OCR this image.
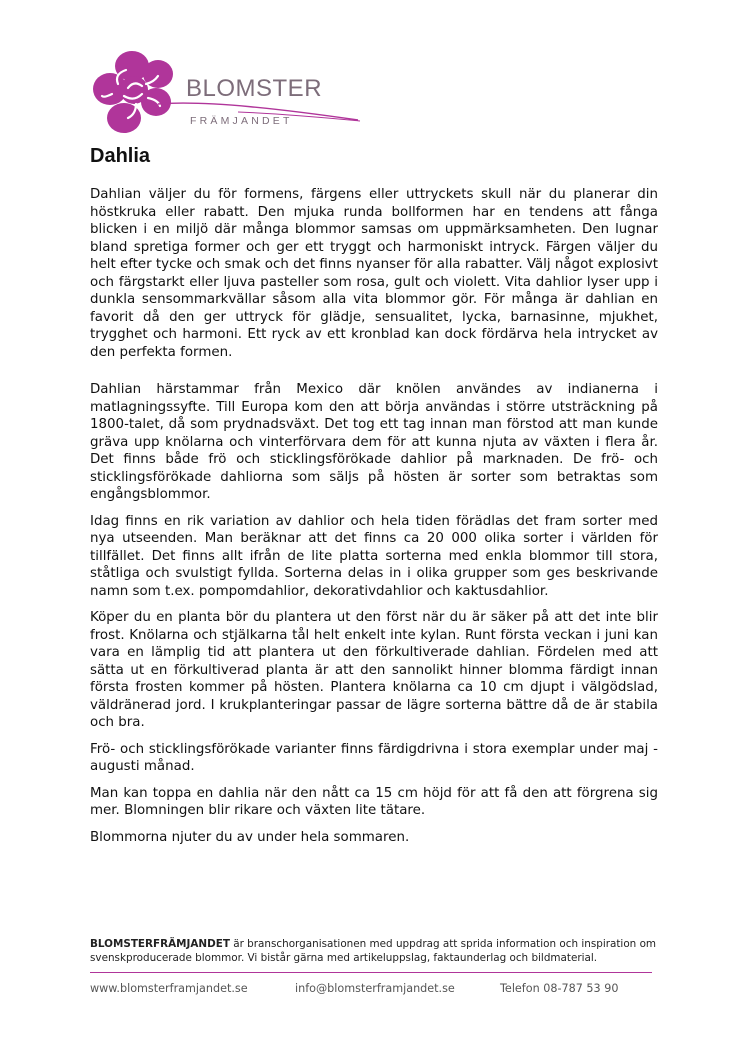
BLOMSTER
FRÄMJANDET
Dahlia

Dahlian väljer du för formens, färgens eller uttryckets skull när du planerar din höstkruka eller rabatt. Den mjuka runda bollformen har en tendens att fånga blicken i en miljö där många blommor samsas om uppmärksamheten. Den lugnar bland spretiga former och ger ett tryggt och harmoniskt intryck. Färgen väljer du helt efter tycke och smak och det finns nyanser för alla rabatter. Välj något explosivt och färgstarkt eller ljuva pasteller som rosa, gult och violett. Vita dahlior lyser upp i dunkla sensommarkvällar såsom alla vita blommor gör. För många är dahlian en favorit då den ger uttryck för glädje, sensualitet, lycka, barnasinne, mjukhet, trygghet och harmoni. Ett ryck av ett kronblad kan dock fördärva hela intrycket av den perfekta formen.

Dahlian härstammar från Mexico där knölen användes av indianerna i matlagningssyfte. Till Europa kom den att börja användas i större utsträckning på 1800-talet, då som prydnadsväxt. Det tog ett tag innan man förstod att man kunde gräva upp knölarna och vinterförvara dem för att kunna njuta av växten i flera år. Det finns både frö och sticklingsförökade dahlior på marknaden. De frö- och sticklingsförökade dahliorna som säljs på hösten är sorter som betraktas som engångsblommor.

Idag finns en rik variation av dahlior och hela tiden förädlas det fram sorter med nya utseenden. Man beräknar att det finns ca 20 000 olika sorter i världen för tillfället. Det finns allt ifrån de lite platta sorterna med enkla blommor till stora, ståtliga och svulstigt fyllda. Sorterna delas in i olika grupper som ges beskrivande namn som t.ex. pompomdahlior, dekorativdahlior och kaktusdahlior.

Köper du en planta bör du plantera ut den först när du är säker på att det inte blir frost. Knölarna och stjälkarna tål helt enkelt inte kylan. Runt första veckan i juni kan vara en lämplig tid att plantera ut den förkultiverade dahlian. Fördelen med att sätta ut en förkultiverad planta är att den sannolikt hinner blomma färdigt innan första frosten kommer på hösten. Plantera knölarna ca 10 cm djupt i välgödslad, väldränerad jord. I krukplanteringar passar de lägre sorterna bättre då de är stabila och bra.

Frö- och sticklingsförökade varianter finns färdigdrivna i stora exemplar under maj - augusti månad.

Man kan toppa en dahlia när den nått ca 15 cm höjd för att få den att förgrena sig mer. Blomningen blir rikare och växten lite tätare.

Blommorna njuter du av under hela sommaren.

BLOMSTERFRÄMJANDET är branschorganisationen med uppdrag att sprida information och inspiration om svenskproducerade blommor. Vi bistår gärna med artikeluppslag, faktaunderlag och bildmaterial.

www.blomsterframjandet.se	info@blomsterframjandet.se	Telefon 08-787 53 90
